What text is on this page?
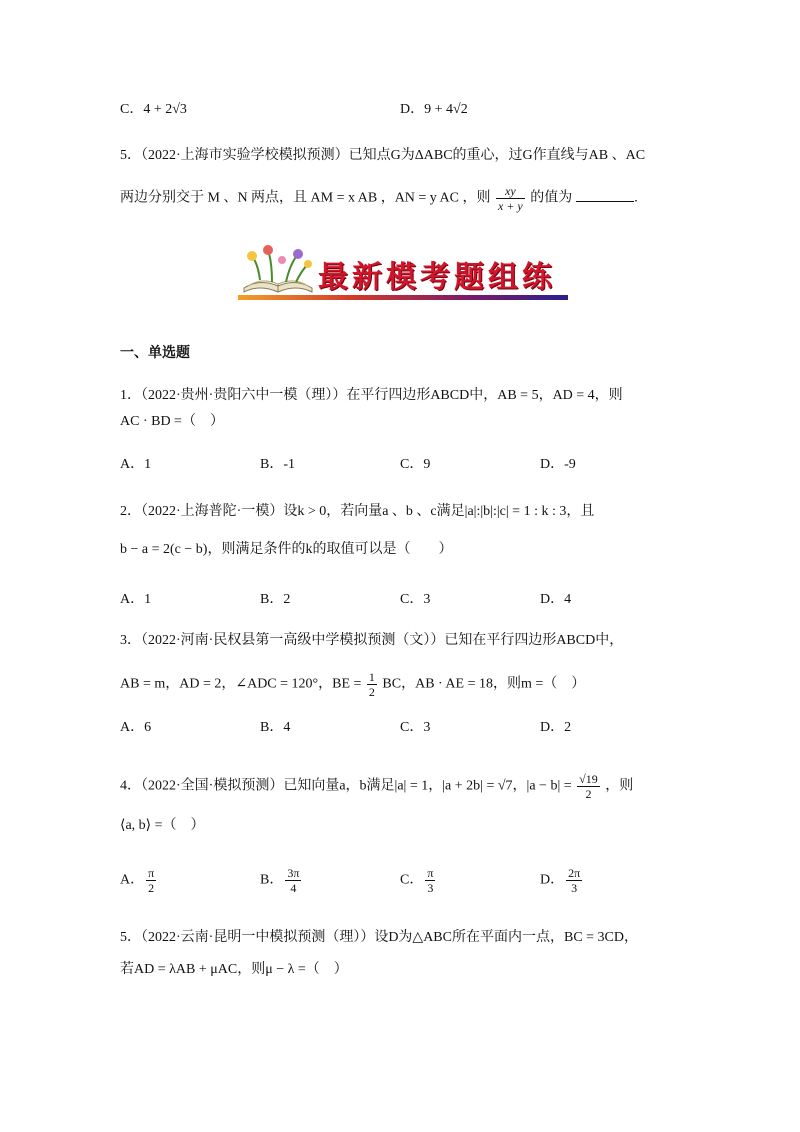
C．4 + 2√3	D．9 + 4√2
5．（2022·上海市实验学校模拟预测）已知点G为ΔABC的重心，过G作直线与AB 、AC
两边分别交于 M 、N 两点，且 AM = x AB ，AN = y AC ，则 $\frac{xy}{x + y}$ 的值为	.
最新模考题组练
一、单选题
1．（2022·贵州·贵阳六中一模（理））在平行四边形ABCD中，AB = 5，AD = 4，则
AC · BD =（　）
A．1	B．-1	C．9	D．-9
2．（2022·上海普陀·一模）设k > 0，若向量a 、b 、c满足|a|:|b|:|c| = 1 : k : 3，且
b − a = 2(c − b)，则满足条件的k的取值可以是（　　）
A．1	B．2	C．3	D．4
3．（2022·河南·民权县第一高级中学模拟预测（文））已知在平行四边形ABCD中，
AB = m，AD = 2，∠ADC = 120°，BE = $\frac{1}{2}$ BC，AB · AE = 18，则m =（　）
A．6	B．4	C．3	D．2
4．（2022·全国·模拟预测）已知向量a，b满足|a| = 1，|a + 2b| = √7，$|a - b| = \frac{√19}{2}$ ，则
⟨a, b⟩ =（　）
A． $\frac{\pi}{2}$	B． $\frac{3\pi}{4}$	C． $\frac{\pi}{3}$	D． $\frac{2\pi}{3}$
5．（2022·云南·昆明一中模拟预测（理））设D为△ABC所在平面内一点，BC = 3CD，
若AD = λAB + μAC，则μ − λ =（　）
